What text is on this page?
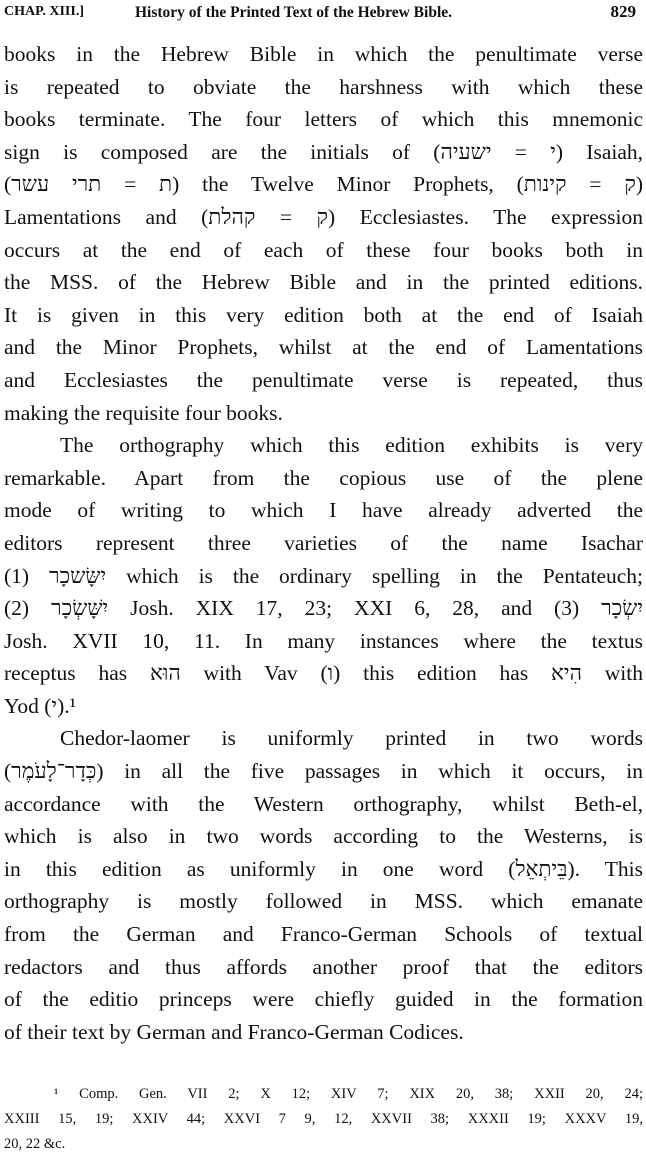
CHAP. XIII.]	History of the Printed Text of the Hebrew Bible.	829
books in the Hebrew Bible in which the penultimate verse
is repeated to obviate the harshness with which these
books terminate. The four letters of which this mnemonic
sign is composed are the initials of (י = ישעיה) Isaiah,
(ת = תרי עשר) the Twelve Minor Prophets, (ק = קינות)
Lamentations and (ק = קהלת) Ecclesiastes. The expression
occurs at the end of each of these four books both in
the MSS. of the Hebrew Bible and in the printed editions.
It is given in this very edition both at the end of Isaiah
and the Minor Prophets, whilst at the end of Lamentations
and Ecclesiastes the penultimate verse is repeated, thus
making the requisite four books.
The orthography which this edition exhibits is very
remarkable. Apart from the copious use of the plene
mode of writing to which I have already adverted the
editors represent three varieties of the name Isachar
(1) יִשָּׂשכָר which is the ordinary spelling in the Pentateuch;
(2) יִשָּׁשְׂכָר Josh. XIX 17, 23; XXI 6, 28, and (3) יִשְׂכָר
Josh. XVII 10, 11. In many instances where the textus
receptus has הוּא with Vav (ו) this edition has הִיא with
Yod (י).¹
Chedor-laomer is uniformly printed in two words
(כְּדָר־לָעֹמֶר) in all the five passages in which it occurs, in
accordance with the Western orthography, whilst Beth-el,
which is also in two words according to the Westerns, is
in this edition as uniformly in one word (בֵּיתְאֵל). This
orthography is mostly followed in MSS. which emanate
from the German and Franco-German Schools of textual
redactors and thus affords another proof that the editors
of the editio princeps were chiefly guided in the formation
of their text by German and Franco-German Codices.
¹ Comp. Gen. VII 2; X 12; XIV 7; XIX 20, 38; XXII 20, 24;
XXIII 15, 19; XXIV 44; XXVI 7 9, 12, XXVII 38; XXXII 19; XXXV 19,
20, 22 &c.
